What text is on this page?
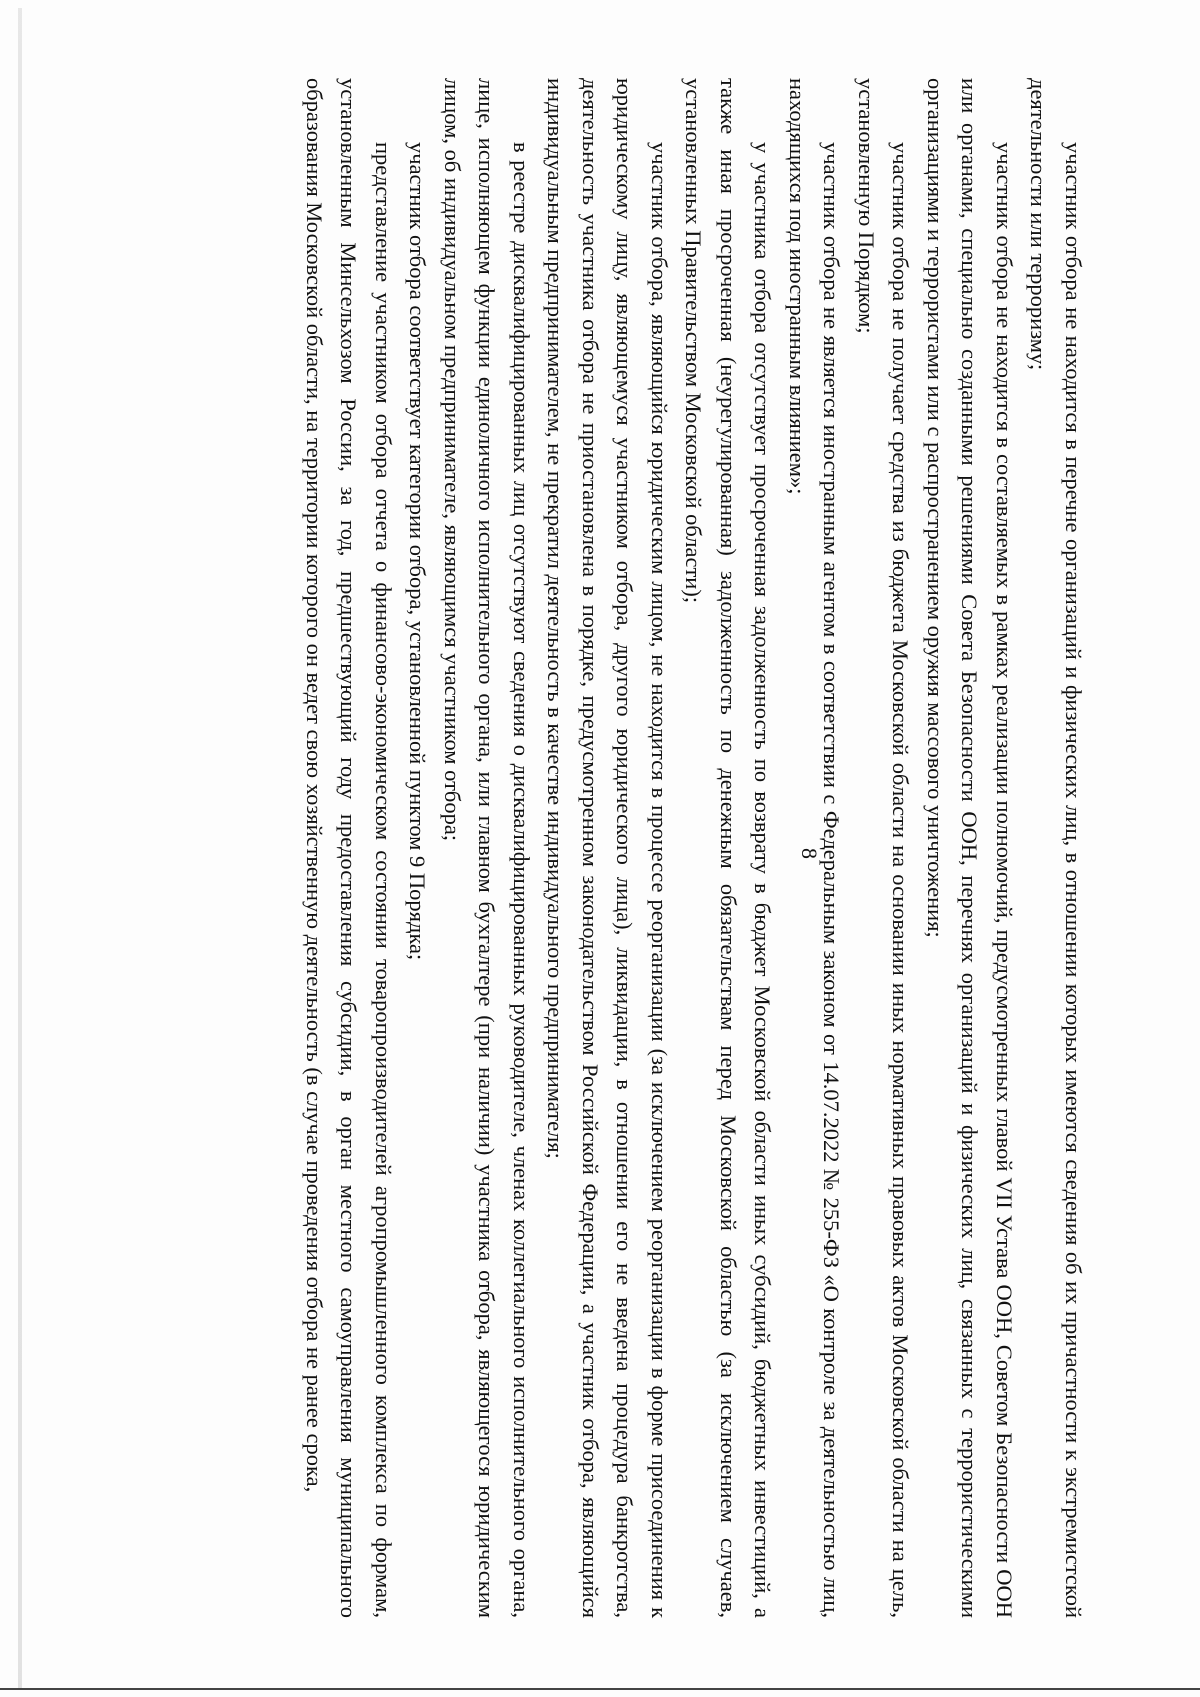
8	участник отбора не находится в перечне организаций и физических лиц, в отношении которых имеются сведения об их причастности к экстремистской деятельности или терроризму;

участник отбора не находится в составляемых в рамках реализации полномочий, предусмотренных главой VII Устава ООН, Советом Безопасности ООН или органами, специально созданными решениями Совета Безопасности ООН, перечнях организаций и физических лиц, связанных с террористическими организациями и террористами или с распространением оружия массового уничтожения;

участник отбора не получает средства из бюджета Московской области на основании иных нормативных правовых актов Московской области на цель, установленную Порядком;

участник отбора не является иностранным агентом в соответствии с Федеральным законом от 14.07.2022 № 255-ФЗ «О контроле за деятельностью лиц, находящихся под иностранным влиянием»;

у участника отбора отсутствует просроченная задолженность по возврату в бюджет Московской области иных субсидий, бюджетных инвестиций, а также иная просроченная (неурегулированная) задолженность по денежным обязательствам перед Московской областью (за исключением случаев, установленных Правительством Московской области);

участник отбора, являющийся юридическим лицом, не находится в процессе реорганизации (за исключением реорганизации в форме присоединения к юридическому лицу, являющемуся участником отбора, другого юридического лица), ликвидации, в отношении его не введена процедура банкротства, деятельность участника отбора не приостановлена в порядке, предусмотренном законодательством Российской Федерации, а участник отбора, являющийся индивидуальным предпринимателем, не прекратил деятельность в качестве индивидуального предпринимателя;

в реестре дисквалифицированных лиц отсутствуют сведения о дисквалифицированных руководителе, членах коллегиального исполнительного органа, лице, исполняющем функции единоличного исполнительного органа, или главном бухгалтере (при наличии) участника отбора, являющегося юридическим лицом, об индивидуальном предпринимателе, являющимся участником отбора;

участник отбора соответствует категории отбора, установленной пунктом 9 Порядка;

представление участником отбора отчета о финансово-экономическом состоянии товаропроизводителей агропромышленного комплекса по формам, установленным Минсельхозом России, за год, предшествующий году предоставления субсидии, в орган местного самоуправления муниципального образования Московской области, на территории которого он ведет свою хозяйственную деятельность (в случае проведения отбора не ранее срока,
